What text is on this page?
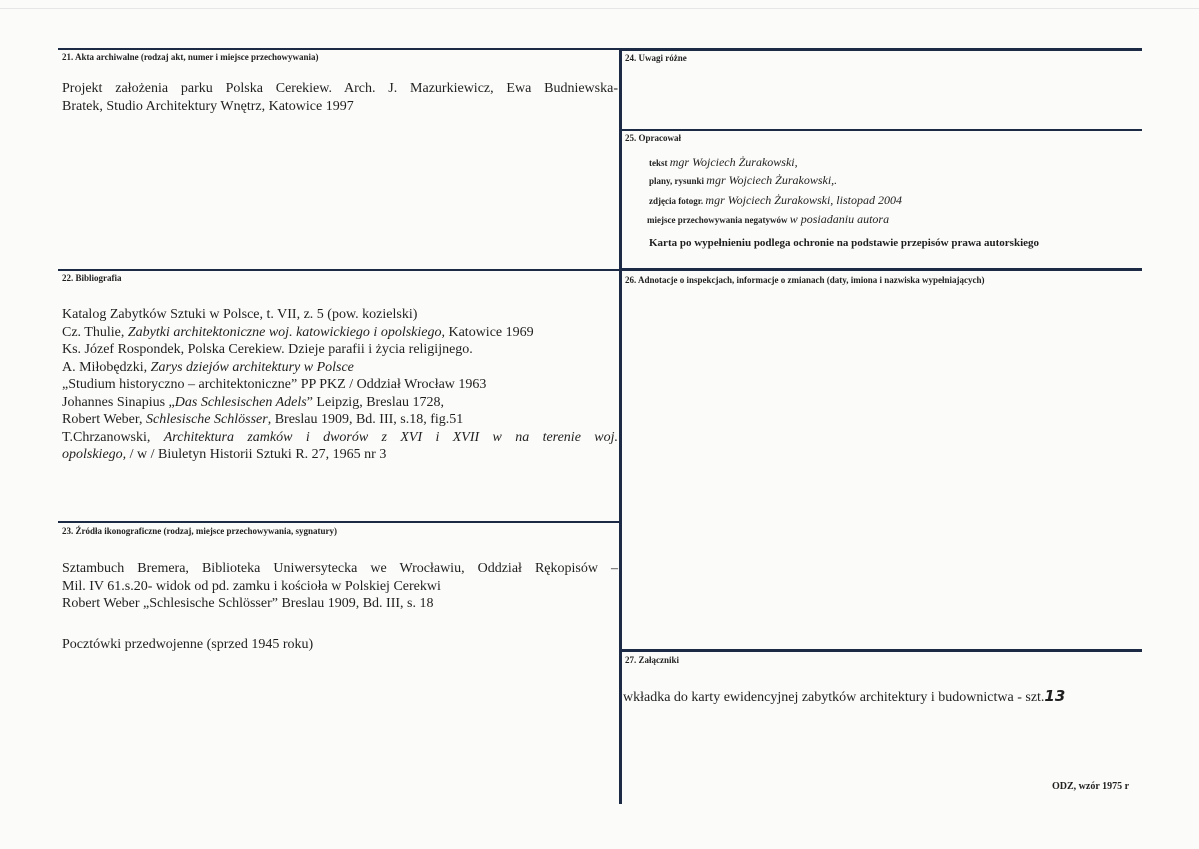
21. Akta archiwalne (rodzaj akt, numer i miejsce przechowywania)
Projekt założenia parku Polska Cerekiew. Arch. J. Mazurkiewicz, Ewa Budniewska-
Bratek, Studio Architektury Wnętrz, Katowice 1997
22. Bibliografia
Katalog Zabytków Sztuki w Polsce, t. VII, z. 5 (pow. kozielski)
Cz. Thulie, Zabytki architektoniczne woj. katowickiego i opolskiego, Katowice 1969
Ks. Józef Rospondek, Polska Cerekiew. Dzieje parafii i życia religijnego.
A. Miłobędzki, Zarys dziejów architektury w Polsce
„Studium historyczno – architektoniczne” PP PKZ / Oddział Wrocław 1963
Johannes Sinapius „Das Schlesischen Adels” Leipzig, Breslau 1728,
Robert Weber, Schlesische Schlösser, Breslau 1909, Bd. III, s.18, fig.51
T.Chrzanowski, Architektura zamków i dworów z XVI i XVII w na terenie woj.
opolskiego, / w / Biuletyn Historii Sztuki R. 27, 1965 nr 3
23. Źródła ikonograficzne (rodzaj, miejsce przechowywania, sygnatury)
Sztambuch Bremera, Biblioteka Uniwersytecka we Wrocławiu, Oddział Rękopisów –
Mil. IV 61.s.20- widok od pd. zamku i kościoła w Polskiej Cerekwi
Robert Weber „Schlesische Schlösser” Breslau 1909, Bd. III, s. 18
Pocztówki przedwojenne (sprzed 1945 roku)
24. Uwagi różne
25. Opracował
tekst mgr Wojciech Żurakowski,
plany, rysunki mgr Wojciech Żurakowski,.
zdjęcia fotogr. mgr Wojciech Żurakowski, listopad 2004
miejsce przechowywania negatywów w posiadaniu autora
Karta po wypełnieniu podlega ochronie na podstawie przepisów prawa autorskiego
26. Adnotacje o inspekcjach, informacje o zmianach (daty, imiona i nazwiska wypełniających)
27. Załączniki
wkładka do karty ewidencyjnej zabytków architektury i budownictwa - szt.13
ODZ, wzór 1975 r
